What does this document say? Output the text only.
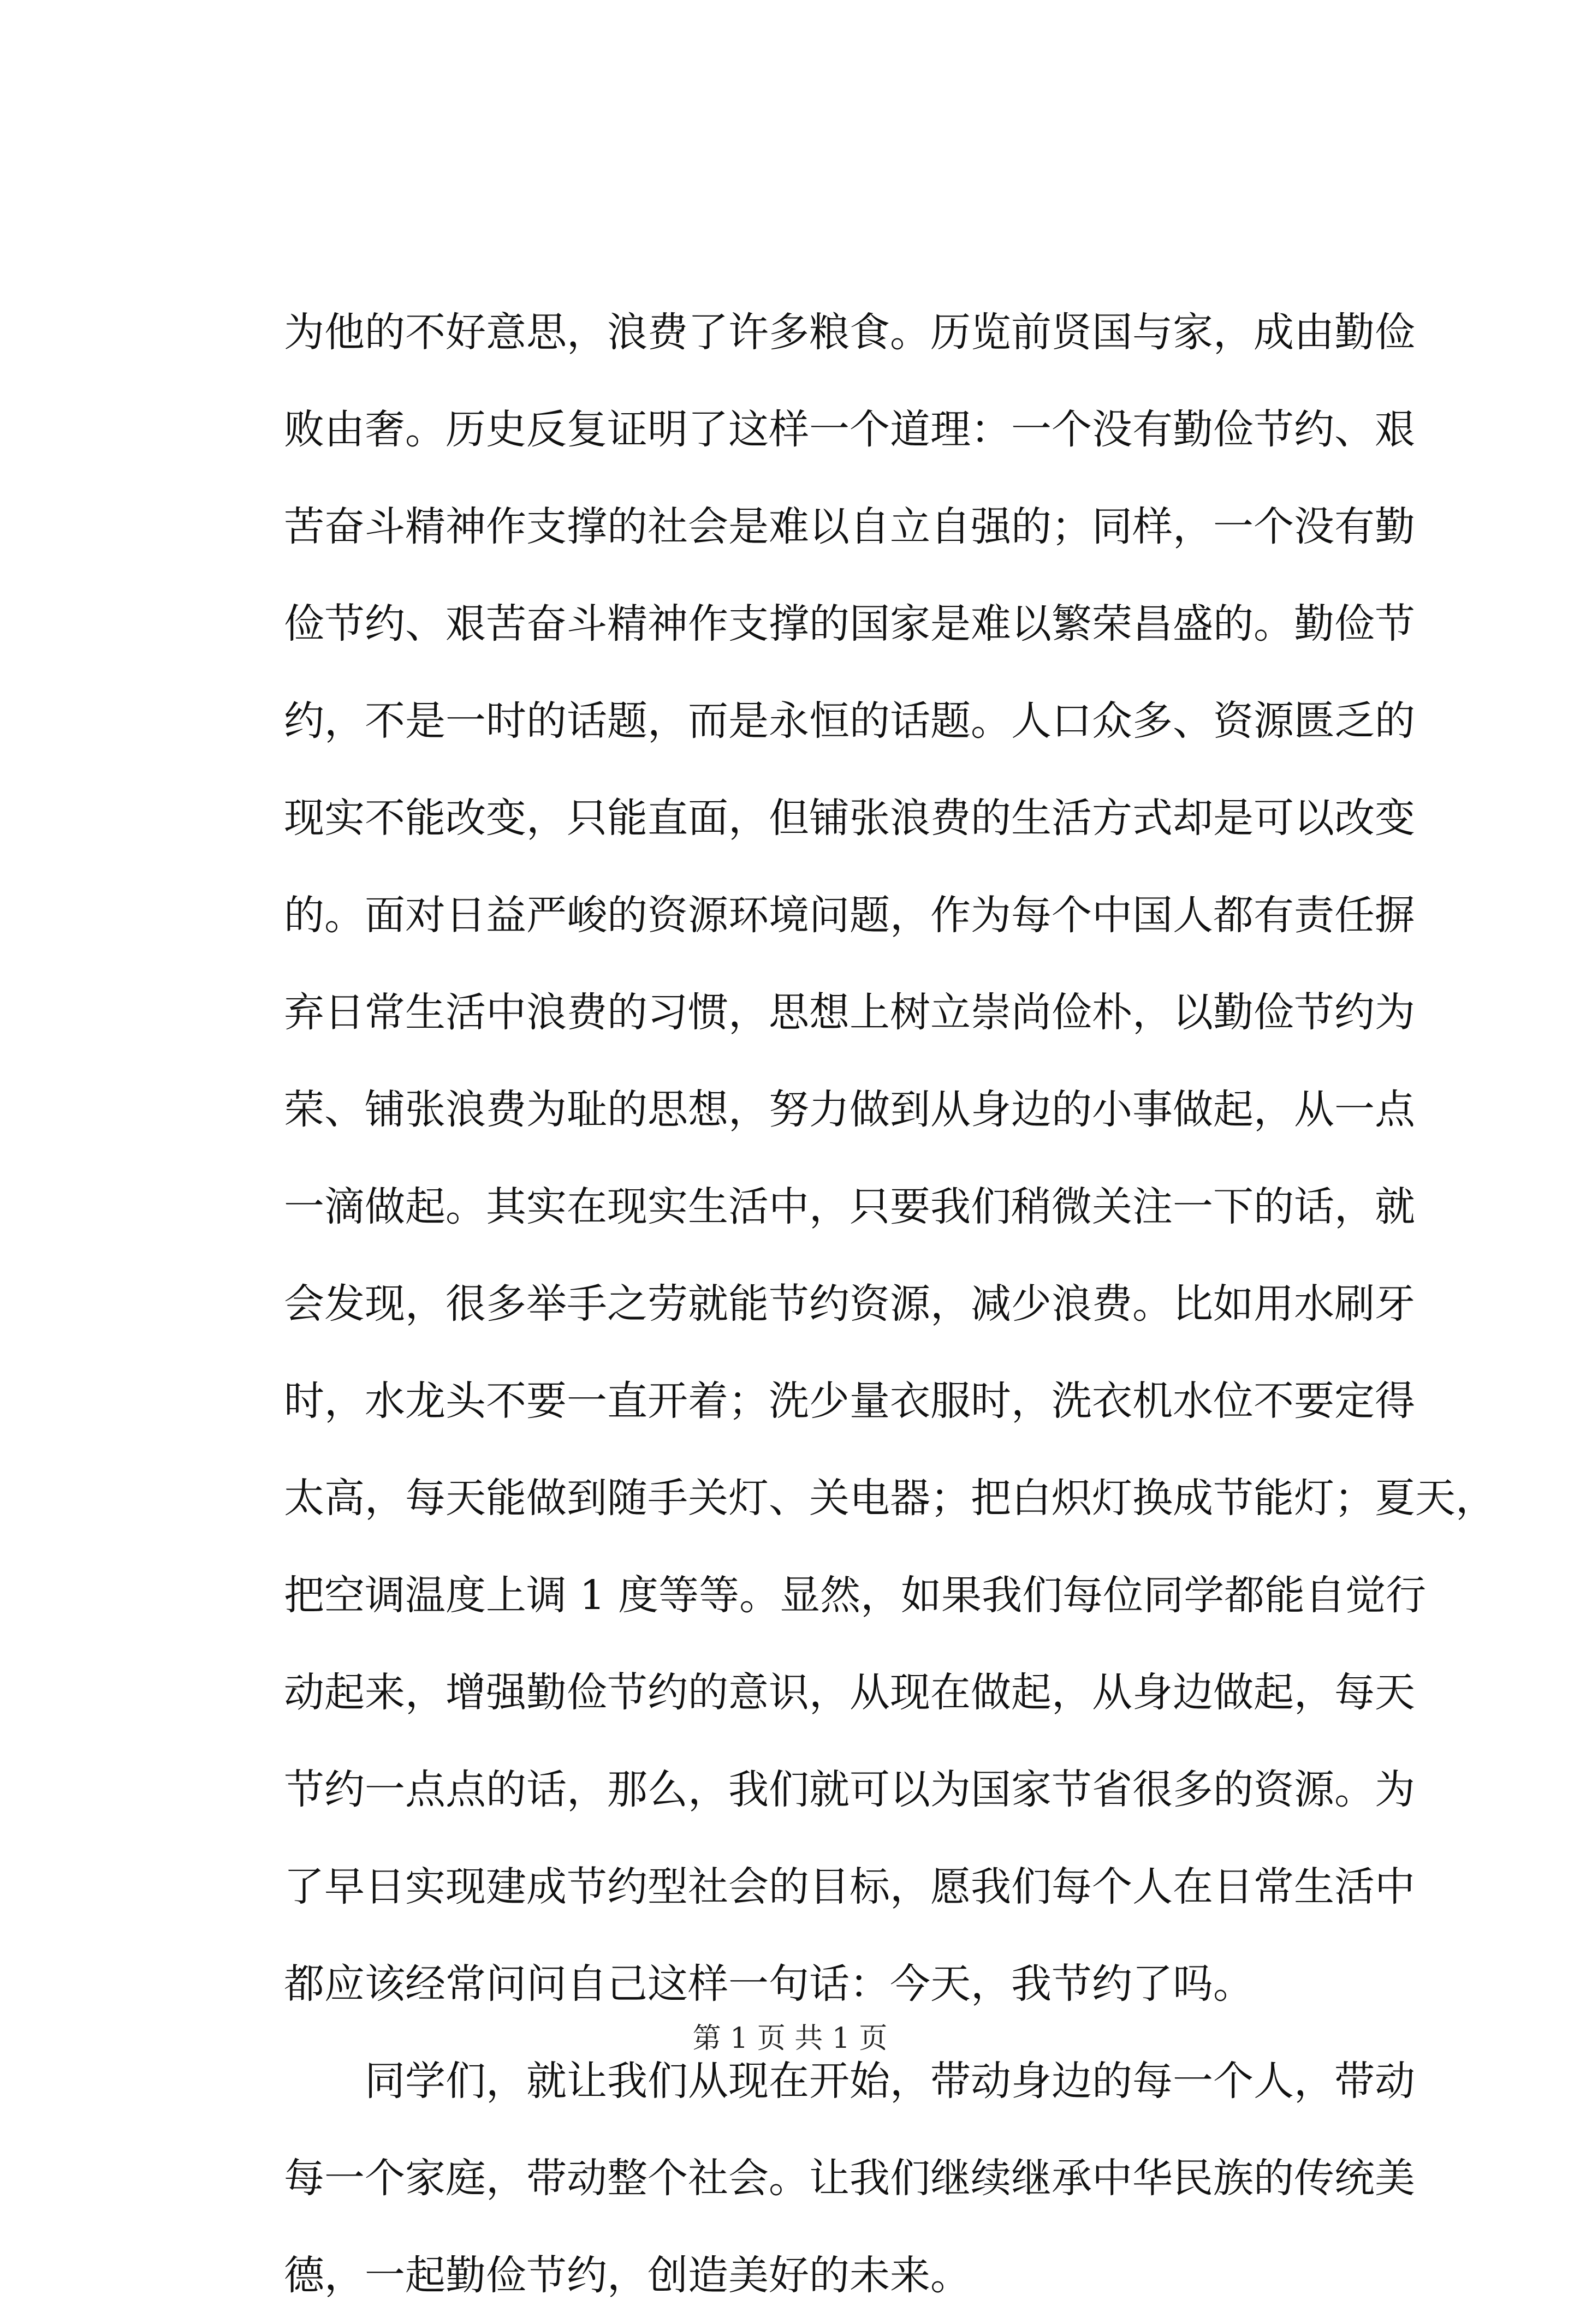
为他的不好意思，浪费了许多粮食。历览前贤国与家，成由勤俭
败由奢。历史反复证明了这样一个道理：一个没有勤俭节约、艰
苦奋斗精神作支撑的社会是难以自立自强的；同样，一个没有勤
俭节约、艰苦奋斗精神作支撑的国家是难以繁荣昌盛的。勤俭节
约，不是一时的话题，而是永恒的话题。人口众多、资源匮乏的
现实不能改变，只能直面，但铺张浪费的生活方式却是可以改变
的。面对日益严峻的资源环境问题，作为每个中国人都有责任摒
弃日常生活中浪费的习惯，思想上树立崇尚俭朴，以勤俭节约为
荣、铺张浪费为耻的思想，努力做到从身边的小事做起，从一点
一滴做起。其实在现实生活中，只要我们稍微关注一下的话，就
会发现，很多举手之劳就能节约资源，减少浪费。比如用水刷牙
时，水龙头不要一直开着；洗少量衣服时，洗衣机水位不要定得
太高，每天能做到随手关灯、关电器；把白炽灯换成节能灯；夏天，
把空调温度上调 1 度等等。显然，如果我们每位同学都能自觉行
动起来，增强勤俭节约的意识，从现在做起，从身边做起，每天
节约一点点的话，那么，我们就可以为国家节省很多的资源。为
了早日实现建成节约型社会的目标，愿我们每个人在日常生活中
都应该经常问问自己这样一句话：今天，我节约了吗。
　　同学们，就让我们从现在开始，带动身边的每一个人，带动
每一个家庭，带动整个社会。让我们继续继承中华民族的传统美
德，一起勤俭节约，创造美好的未来。
第 1 页 共 1 页
